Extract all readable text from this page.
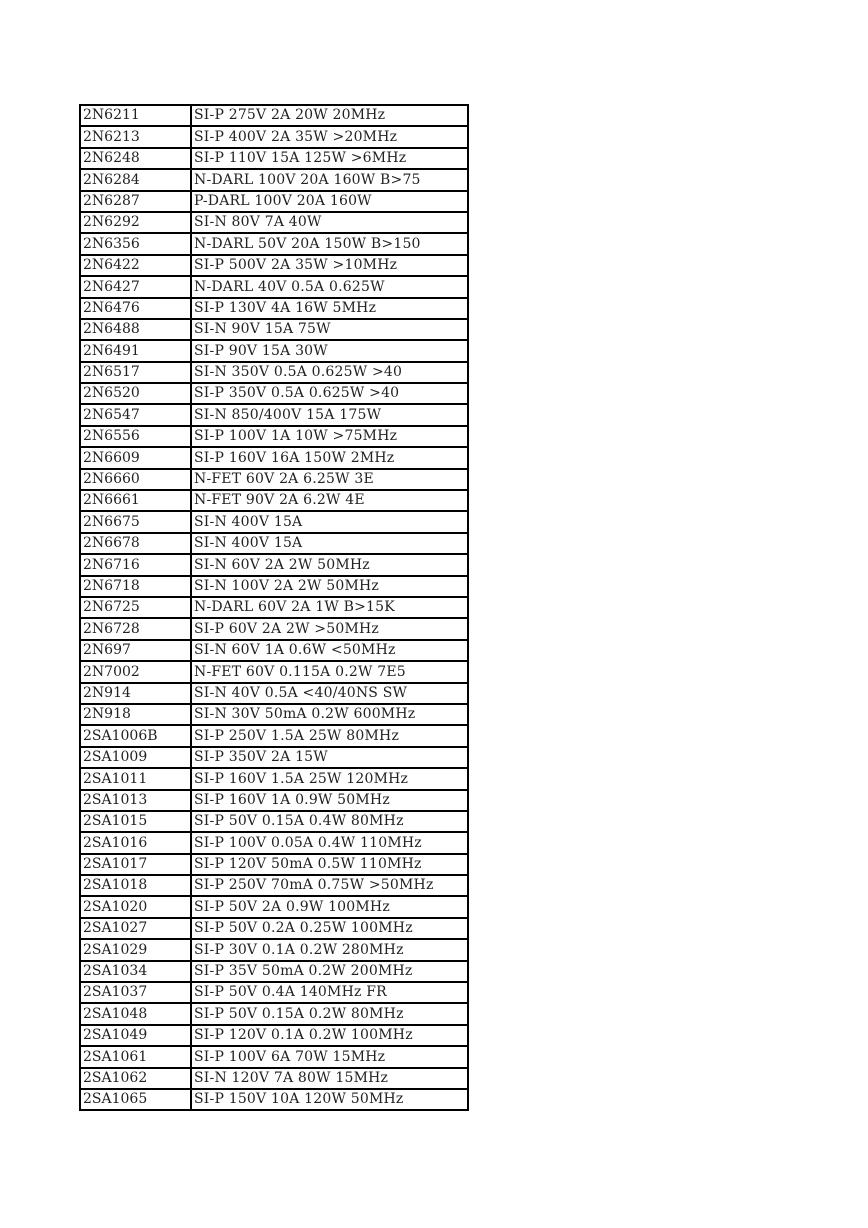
2N6211	SI-P 275V 2A 20W 20MHz
2N6213	SI-P 400V 2A 35W >20MHz
2N6248	SI-P 110V 15A 125W >6MHz
2N6284	N-DARL 100V 20A 160W B>75
2N6287	P-DARL 100V 20A 160W
2N6292	SI-N 80V 7A 40W
2N6356	N-DARL 50V 20A 150W B>150
2N6422	SI-P 500V 2A 35W >10MHz
2N6427	N-DARL 40V 0.5A 0.625W
2N6476	SI-P 130V 4A 16W 5MHz
2N6488	SI-N 90V 15A 75W
2N6491	SI-P 90V 15A 30W
2N6517	SI-N 350V 0.5A 0.625W >40
2N6520	SI-P 350V 0.5A 0.625W >40
2N6547	SI-N 850/400V 15A 175W
2N6556	SI-P 100V 1A 10W >75MHz
2N6609	SI-P 160V 16A 150W 2MHz
2N6660	N-FET 60V 2A 6.25W 3E
2N6661	N-FET 90V 2A 6.2W 4E
2N6675	SI-N 400V 15A
2N6678	SI-N 400V 15A
2N6716	SI-N 60V 2A 2W 50MHz
2N6718	SI-N 100V 2A 2W 50MHz
2N6725	N-DARL 60V 2A 1W B>15K
2N6728	SI-P 60V 2A 2W >50MHz
2N697	SI-N 60V 1A 0.6W <50MHz
2N7002	N-FET 60V 0.115A 0.2W 7E5
2N914	SI-N 40V 0.5A <40/40NS SW
2N918	SI-N 30V 50mA 0.2W 600MHz
2SA1006B	SI-P 250V 1.5A 25W 80MHz
2SA1009	SI-P 350V 2A 15W
2SA1011	SI-P 160V 1.5A 25W 120MHz
2SA1013	SI-P 160V 1A 0.9W 50MHz
2SA1015	SI-P 50V 0.15A 0.4W 80MHz
2SA1016	SI-P 100V 0.05A 0.4W 110MHz
2SA1017	SI-P 120V 50mA 0.5W 110MHz
2SA1018	SI-P 250V 70mA 0.75W >50MHz
2SA1020	SI-P 50V 2A 0.9W 100MHz
2SA1027	SI-P 50V 0.2A 0.25W 100MHz
2SA1029	SI-P 30V 0.1A 0.2W 280MHz
2SA1034	SI-P 35V 50mA 0.2W 200MHz
2SA1037	SI-P 50V 0.4A 140MHz FR
2SA1048	SI-P 50V 0.15A 0.2W 80MHz
2SA1049	SI-P 120V 0.1A 0.2W 100MHz
2SA1061	SI-P 100V 6A 70W 15MHz
2SA1062	SI-N 120V 7A 80W 15MHz
2SA1065	SI-P 150V 10A 120W 50MHz
